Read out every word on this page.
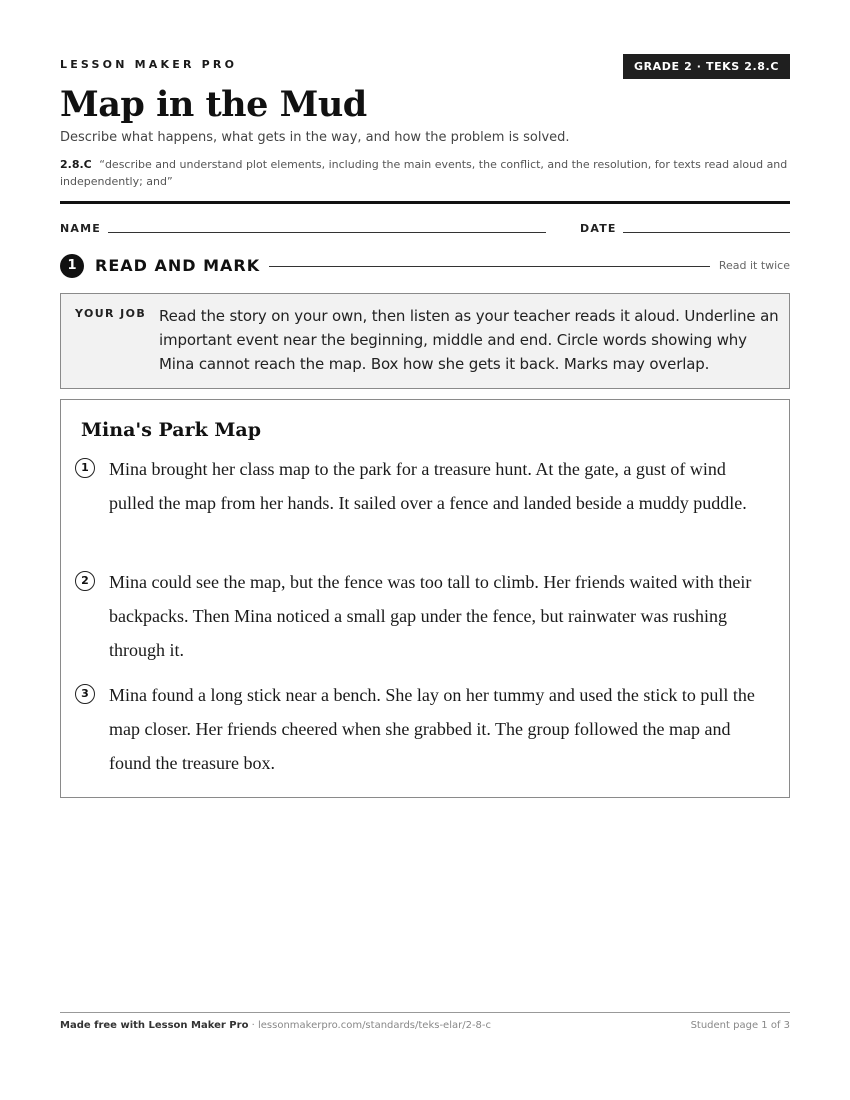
LESSON MAKER PRO	GRADE 2 · TEKS 2.8.C
Map in the Mud
Describe what happens, what gets in the way, and how the problem is solved.
2.8.C “describe and understand plot elements, including the main events, the conflict, and the resolution, for texts read aloud and independently; and”
NAME	DATE
1	READ AND MARK	Read it twice
YOUR JOB Read the story on your own, then listen as your teacher reads it aloud. Underline an important event near the beginning, middle and end. Circle words showing why Mina cannot reach the map. Box how she gets it back. Marks may overlap.
Mina's Park Map
1	Mina brought her class map to the park for a treasure hunt. At the gate, a gust of wind pulled the map from her hands. It sailed over a fence and landed beside a muddy puddle.
2	Mina could see the map, but the fence was too tall to climb. Her friends waited with their backpacks. Then Mina noticed a small gap under the fence, but rainwater was rushing through it.
3	Mina found a long stick near a bench. She lay on her tummy and used the stick to pull the map closer. Her friends cheered when she grabbed it. The group followed the map and found the treasure box.
Made free with Lesson Maker Pro · lessonmakerpro.com/standards/teks-elar/2-8-c	Student page 1 of 3
